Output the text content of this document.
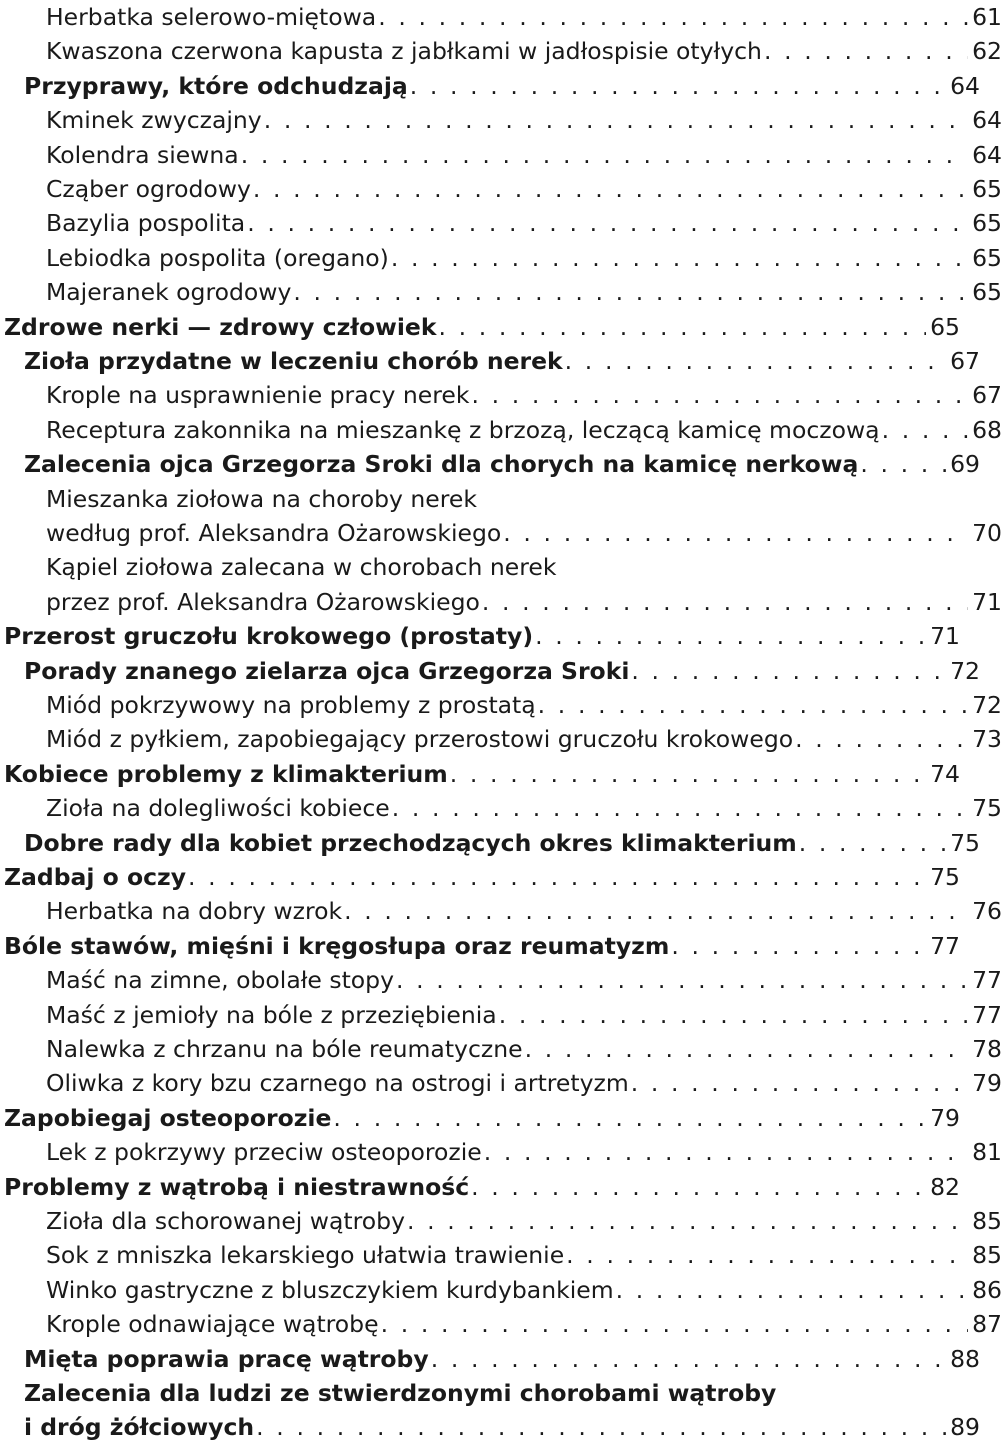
Herbatka selerowo-miętowa . . .	61
Kwaszona czerwona kapusta z jabłkami w jadłospisie otyłych . . .	62
Przyprawy, które odchudzają . . .	64
Kminek zwyczajny . . .	64
Kolendra siewna . . .	64
Cząber ogrodowy . . .	65
Bazylia pospolita . . .	65
Lebiodka pospolita (oregano) . . .	65
Majeranek ogrodowy . . .	65
Zdrowe nerki — zdrowy człowiek . . .	65
Zioła przydatne w leczeniu chorób nerek . . .	67
Krople na usprawnienie pracy nerek . . .	67
Receptura zakonnika na mieszankę z brzozą, leczącą kamicę moczową . . .	68
Zalecenia ojca Grzegorza Sroki dla chorych na kamicę nerkową . . .	69
Mieszanka ziołowa na choroby nerek
według prof. Aleksandra Ożarowskiego . . .	70
Kąpiel ziołowa zalecana w chorobach nerek
przez prof. Aleksandra Ożarowskiego . . .	71
Przerost gruczołu krokowego (prostaty) . . .	71
Porady znanego zielarza ojca Grzegorza Sroki . . .	72
Miód pokrzywowy na problemy z prostatą . . .	72
Miód z pyłkiem, zapobiegający przerostowi gruczołu krokowego . . .	73
Kobiece problemy z klimakterium . . .	74
Zioła na dolegliwości kobiece . . .	75
Dobre rady dla kobiet przechodzących okres klimakterium . . .	75
Zadbaj o oczy . . .	75
Herbatka na dobry wzrok . . .	76
Bóle stawów, mięśni i kręgosłupa oraz reumatyzm . . .	77
Maść na zimne, obolałe stopy . . .	77
Maść z jemioły na bóle z przeziębienia . . .	77
Nalewka z chrzanu na bóle reumatyczne . . .	78
Oliwka z kory bzu czarnego na ostrogi i artretyzm . . .	79
Zapobiegaj osteoporozie . . .	79
Lek z pokrzywy przeciw osteoporozie . . .	81
Problemy z wątrobą i niestrawność . . .	82
Zioła dla schorowanej wątroby . . .	85
Sok z mniszka lekarskiego ułatwia trawienie . . .	85
Winko gastryczne z bluszczykiem kurdybankiem . . .	86
Krople odnawiające wątrobę . . .	87
Mięta poprawia pracę wątroby . . .	88
Zalecenia dla ludzi ze stwierdzonymi chorobami wątroby
i dróg żółciowych . . .	89
